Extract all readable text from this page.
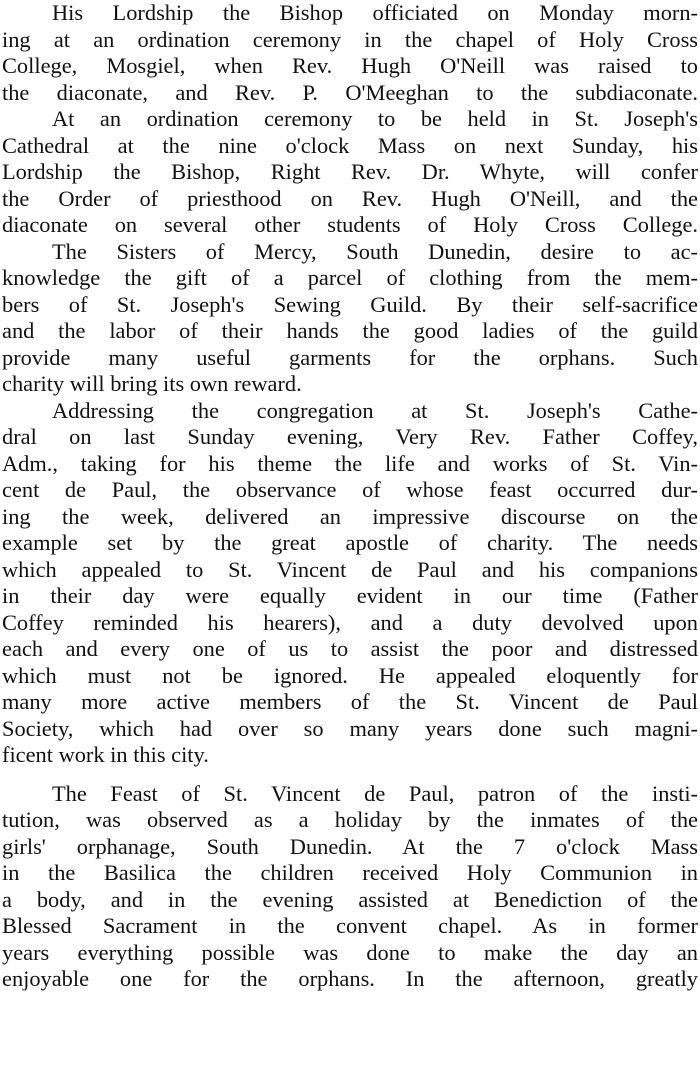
His Lordship the Bishop officiated on Monday morn-
ing at an ordination ceremony in the chapel of Holy Cross
College, Mosgiel, when Rev. Hugh O'Neill was raised to
the diaconate, and Rev. P. O'Meeghan to the subdiaconate.
At an ordination ceremony to be held in St. Joseph's
Cathedral at the nine o'clock Mass on next Sunday, his
Lordship the Bishop, Right Rev. Dr. Whyte, will confer
the Order of priesthood on Rev. Hugh O'Neill, and the
diaconate on several other students of Holy Cross College.
The Sisters of Mercy, South Dunedin, desire to ac-
knowledge the gift of a parcel of clothing from the mem-
bers of St. Joseph's Sewing Guild. By their self-sacrifice
and the labor of their hands the good ladies of the guild
provide many useful garments for the orphans. Such
charity will bring its own reward.
Addressing the congregation at St. Joseph's Cathe-
dral on last Sunday evening, Very Rev. Father Coffey,
Adm., taking for his theme the life and works of St. Vin-
cent de Paul, the observance of whose feast occurred dur-
ing the week, delivered an impressive discourse on the
example set by the great apostle of charity. The needs
which appealed to St. Vincent de Paul and his companions
in their day were equally evident in our time (Father
Coffey reminded his hearers), and a duty devolved upon
each and every one of us to assist the poor and distressed
which must not be ignored. He appealed eloquently for
many more active members of the St. Vincent de Paul
Society, which had over so many years done such magni-
ficent work in this city.
The Feast of St. Vincent de Paul, patron of the insti-
tution, was observed as a holiday by the inmates of the
girls' orphanage, South Dunedin. At the 7 o'clock Mass
in the Basilica the children received Holy Communion in
a body, and in the evening assisted at Benediction of the
Blessed Sacrament in the convent chapel. As in former
years everything possible was done to make the day an
enjoyable one for the orphans. In the afternoon, greatly
